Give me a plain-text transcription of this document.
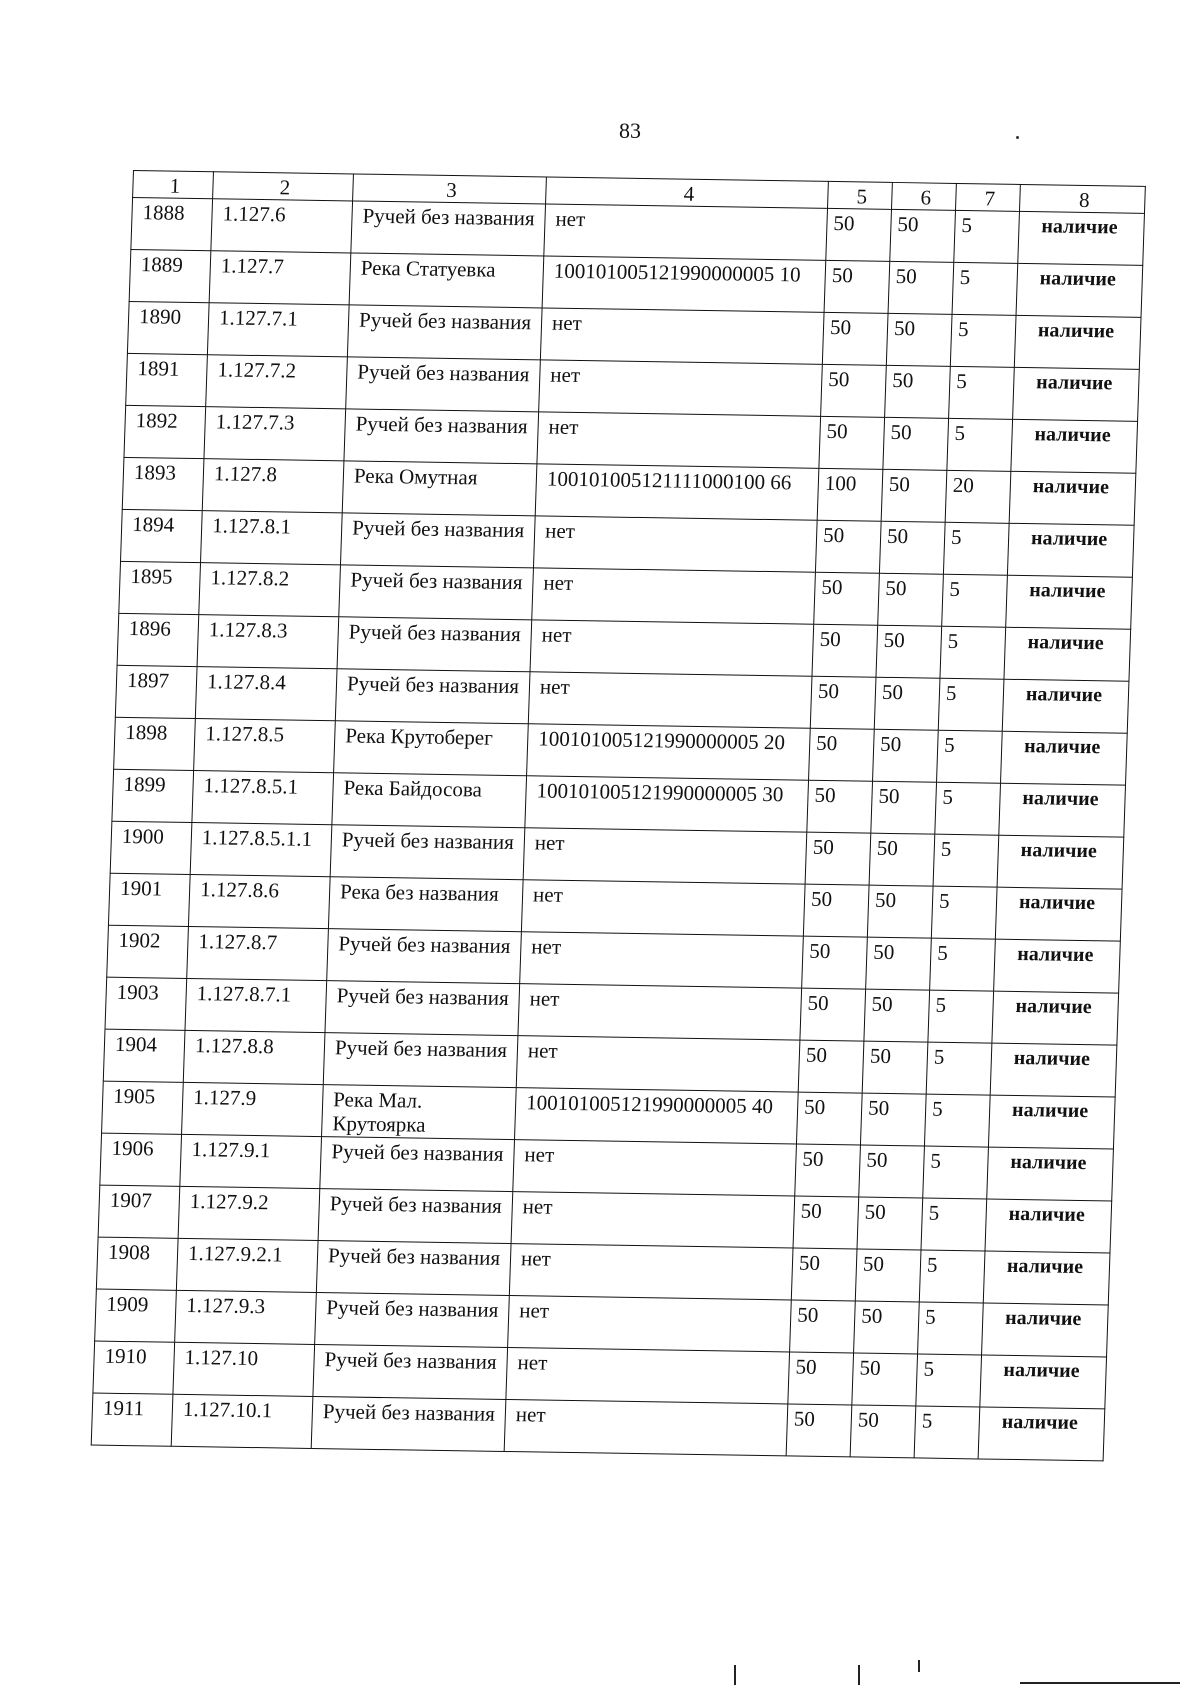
83
1	2	3	4	5	6	7	8
1888	1.127.6	Ручей без названия	нет	50	50	5	наличие
1889	1.127.7	Река Статуевка	100101005121990000005 10	50	50	5	наличие
1890	1.127.7.1	Ручей без названия	нет	50	50	5	наличие
1891	1.127.7.2	Ручей без названия	нет	50	50	5	наличие
1892	1.127.7.3	Ручей без названия	нет	50	50	5	наличие
1893	1.127.8	Река Омутная	100101005121111000100 66	100	50	20	наличие
1894	1.127.8.1	Ручей без названия	нет	50	50	5	наличие
1895	1.127.8.2	Ручей без названия	нет	50	50	5	наличие
1896	1.127.8.3	Ручей без названия	нет	50	50	5	наличие
1897	1.127.8.4	Ручей без названия	нет	50	50	5	наличие
1898	1.127.8.5	Река Крутоберег	100101005121990000005 20	50	50	5	наличие
1899	1.127.8.5.1	Река Байдосова	100101005121990000005 30	50	50	5	наличие
1900	1.127.8.5.1.1	Ручей без названия	нет	50	50	5	наличие
1901	1.127.8.6	Река без названия	нет	50	50	5	наличие
1902	1.127.8.7	Ручей без названия	нет	50	50	5	наличие
1903	1.127.8.7.1	Ручей без названия	нет	50	50	5	наличие
1904	1.127.8.8	Ручей без названия	нет	50	50	5	наличие
1905	1.127.9	Река Мал. Крутоярка	100101005121990000005 40	50	50	5	наличие
1906	1.127.9.1	Ручей без названия	нет	50	50	5	наличие
1907	1.127.9.2	Ручей без названия	нет	50	50	5	наличие
1908	1.127.9.2.1	Ручей без названия	нет	50	50	5	наличие
1909	1.127.9.3	Ручей без названия	нет	50	50	5	наличие
1910	1.127.10	Ручей без названия	нет	50	50	5	наличие
1911	1.127.10.1	Ручей без названия	нет	50	50	5	наличие
